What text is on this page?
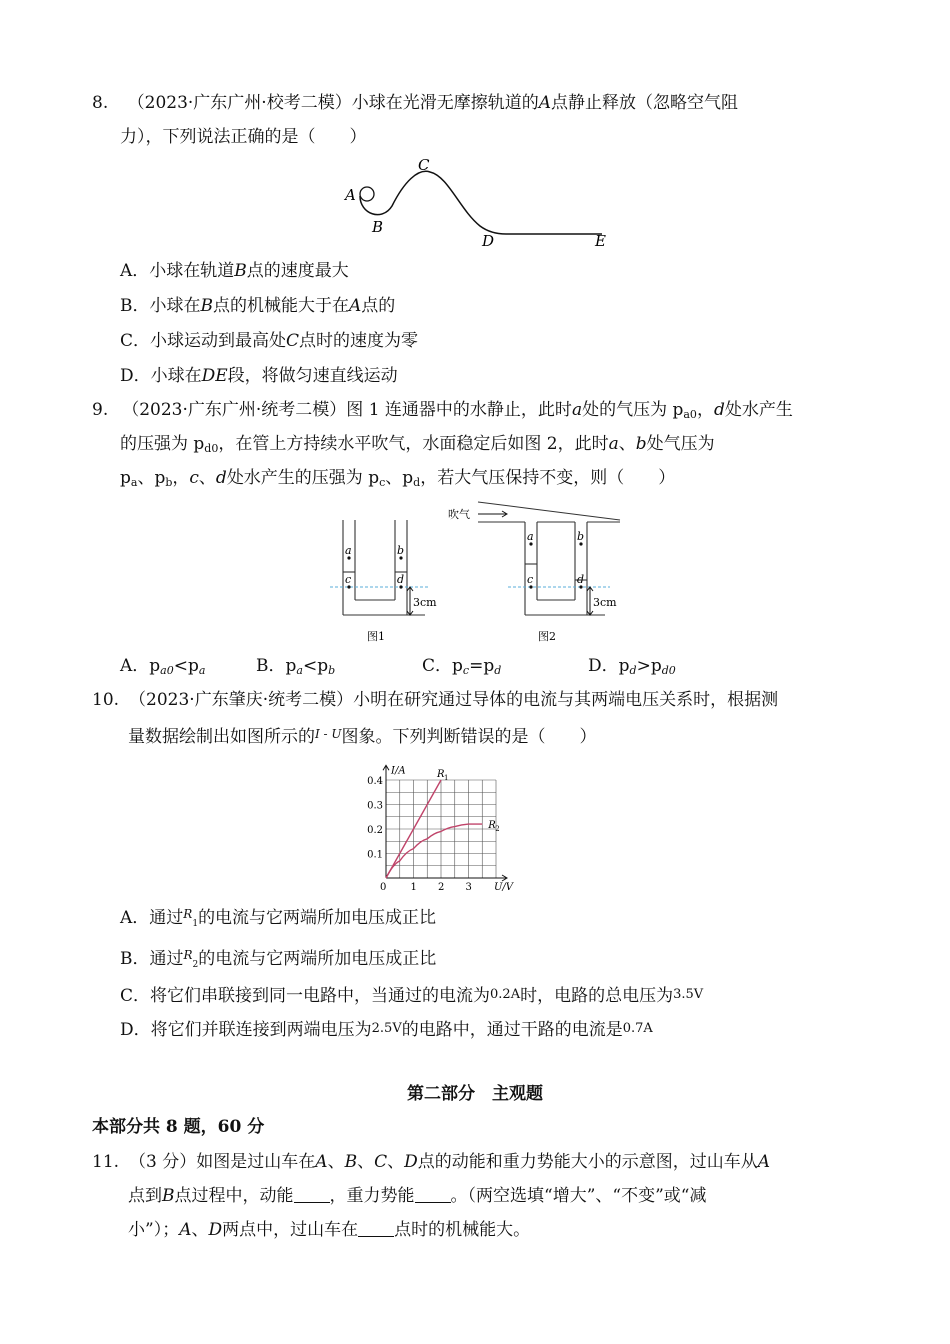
8. （2023·广东广州·校考二模）小球在光滑无摩擦轨道的A点静止释放（忽略空气阻
力），下列说法正确的是（　　）
A
B
C
D	E
A．小球在轨道B点的速度最大
B．小球在B点的机械能大于在A点的
C．小球运动到最高处C点时的速度为零
D．小球在DE段，将做匀速直线运动
9. （2023·广东广州·统考二模）图 1 连通器中的水静止，此时a处的气压为 $p_{a0}$，d处水产生
的压强为 $p_{d0}$，在管上方持续水平吹气，水面稳定后如图 2，此时a、b处气压为
$p_a$、$p_b$，c、d处水产生的压强为 $p_c$、$p_d$，若大气压保持不变，则（　　）
a	b
c	d
3cm
图1
吹气
a	b
c	d
3cm
图2
A．$p_{a0}<p_a$	B．$p_a<p_b$	C．$p_c=p_d$	D．$p_d>p_{d0}$
10. （2023·广东肇庆·统考二模）小明在研究通过导体的电流与其两端电压关系时，根据测
量数据绘制出如图所示的$^{I - U}$图象。下列判断错误的是（　　）
I/A
U/V
0 1 2 3
0.1
0.2
0.3
0.4
R 1
R 2
A．通过$^R_1$的电流与它两端所加电压成正比
B．通过$^R_2$的电流与它两端所加电压成正比
C．将它们串联接到同一电路中，当通过的电流为0.2A时，电路的总电压为3.5V
D．将它们并联连接到两端电压为2.5V的电路中，通过干路的电流是0.7A
第二部分　主观题
本部分共 8 题，60 分
11. （3 分）如图是过山车在A、B、C、D点的动能和重力势能大小的示意图，过山车从A
点到B点过程中，动能 ，重力势能 。（两空选填“增大”、“不变”或“减
小”）；A、D两点中，过山车在 点时的机械能大。
